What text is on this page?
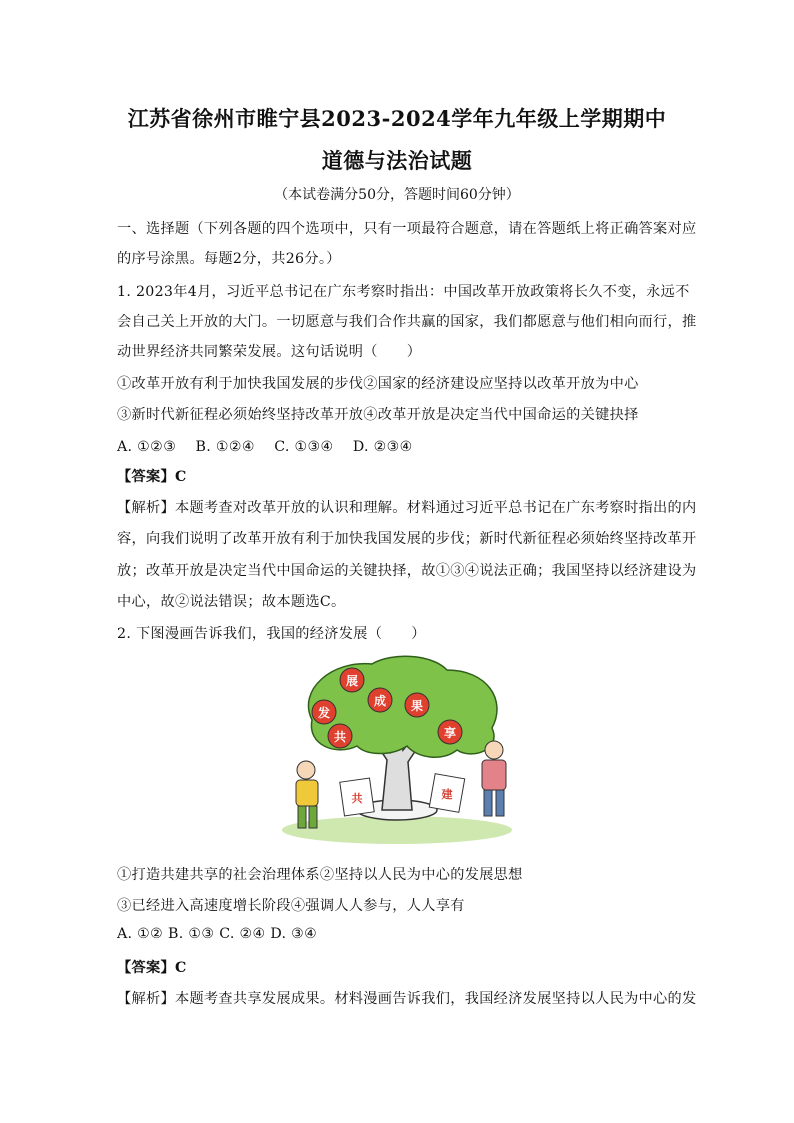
江苏省徐州市睢宁县2023-2024学年九年级上学期期中
道德与法治试题
（本试卷满分50分，答题时间60分钟）
一、选择题（下列各题的四个选项中，只有一项最符合题意，请在答题纸上将正确答案对应
的序号涂黑。每题2分，共26分。）
1. 2023年4月，习近平总书记在广东考察时指出：中国改革开放政策将长久不变，永远不
会自己关上开放的大门。一切愿意与我们合作共赢的国家，我们都愿意与他们相向而行，推
动世界经济共同繁荣发展。这句话说明（　　）
①改革开放有利于加快我国发展的步伐②国家的经济建设应坚持以改革开放为中心
③新时代新征程必须始终坚持改革开放④改革开放是决定当代中国命运的关键抉择
A. ①②③　 B. ①②④　 C. ①③④　 D. ②③④
【答案】C
【解析】本题考查对改革开放的认识和理解。材料通过习近平总书记在广东考察时指出的内
容，向我们说明了改革开放有利于加快我国发展的步伐；新时代新征程必须始终坚持改革开
放；改革开放是决定当代中国命运的关键抉择，故①③④说法正确；我国坚持以经济建设为
中心，故②说法错误；故本题选C。
2. 下图漫画告诉我们，我国的经济发展（　　）
发
展
成 果
共	享
共	建
①打造共建共享的社会治理体系②坚持以人民为中心的发展思想
③已经进入高速度增长阶段④强调人人参与，人人享有
A. ①② B. ①③ C. ②④ D. ③④
【答案】C
【解析】本题考查共享发展成果。材料漫画告诉我们，我国经济发展坚持以人民为中心的发
